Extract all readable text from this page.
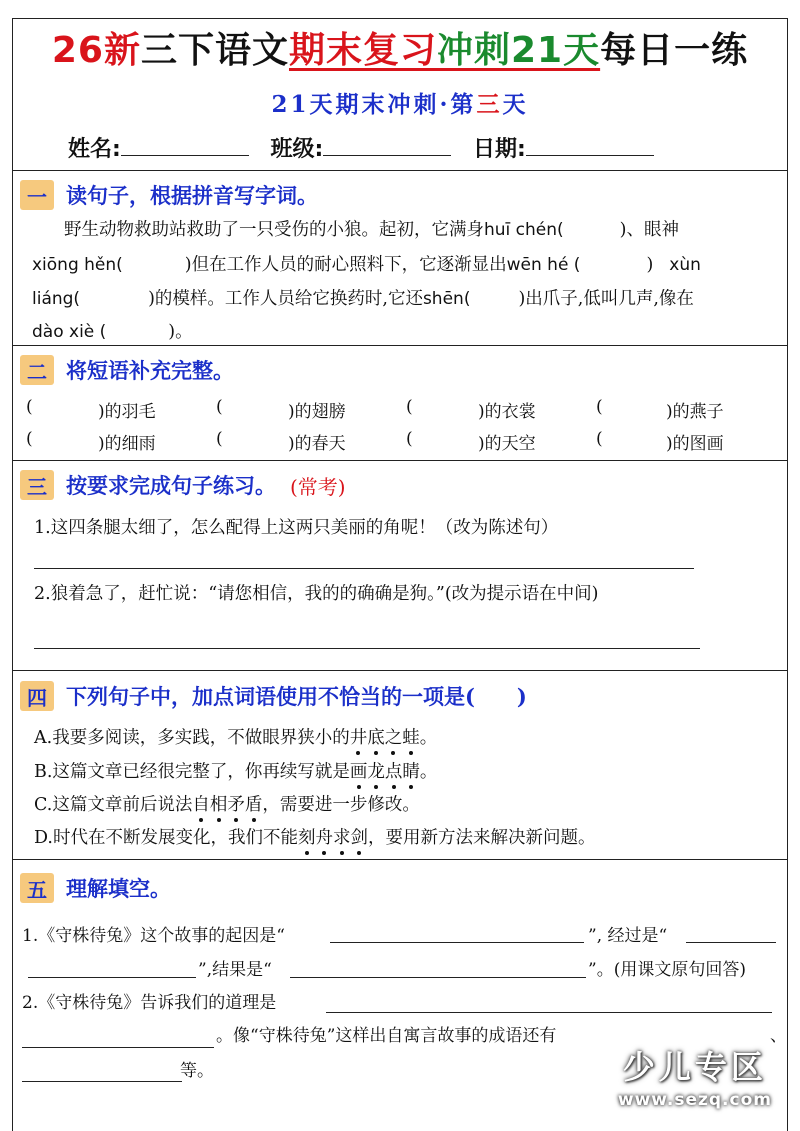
26新三下语文期末复习冲刺21天每日一练
21天期末冲刺·第三天
姓名:	班级:	日期:
一 读句子，根据拼音写字词。
野生动物救助站救助了一只受伤的小狼。起初，它满身huī chén(	)、眼神
xiōng hěn(	)但在工作人员的耐心照料下，它逐渐显出wēn hé (	) xùn
liáng(	)的模样。工作人员给它换药时,它还shēn(	)出爪子,低叫几声,像在
dào xiè (	)。
二 将短语补充完整。
(	)的羽毛	(	)的翅膀	(	)的衣裳	(	)的燕子
(	)的细雨	(	)的春天	(	)的天空	(	)的图画
三 按要求完成句子练习。 (常考)
1.这四条腿太细了，怎么配得上这两只美丽的角呢！（改为陈述句）
2.狼着急了，赶忙说：“请您相信，我的的确确是狗。”(改为提示语在中间)
四 下列句子中，加点词语使用不恰当的一项是(　　)
A.我要多阅读，多实践，不做眼界狭小的井底之蛙。
B.这篇文章已经很完整了，你再续写就是画龙点睛。
C.这篇文章前后说法自相矛盾，需要进一步修改。
D.时代在不断发展变化，我们不能刻舟求剑，要用新方法来解决新问题。
五 理解填空。
1.《守株待兔》这个故事的起因是“	”, 经过是“
”,结果是“	”。(用课文原句回答)
2.《守株待兔》告诉我们的道理是
。像“守株待兔”这样出自寓言故事的成语还有	、
等。	少儿专区
www.sezq.com
